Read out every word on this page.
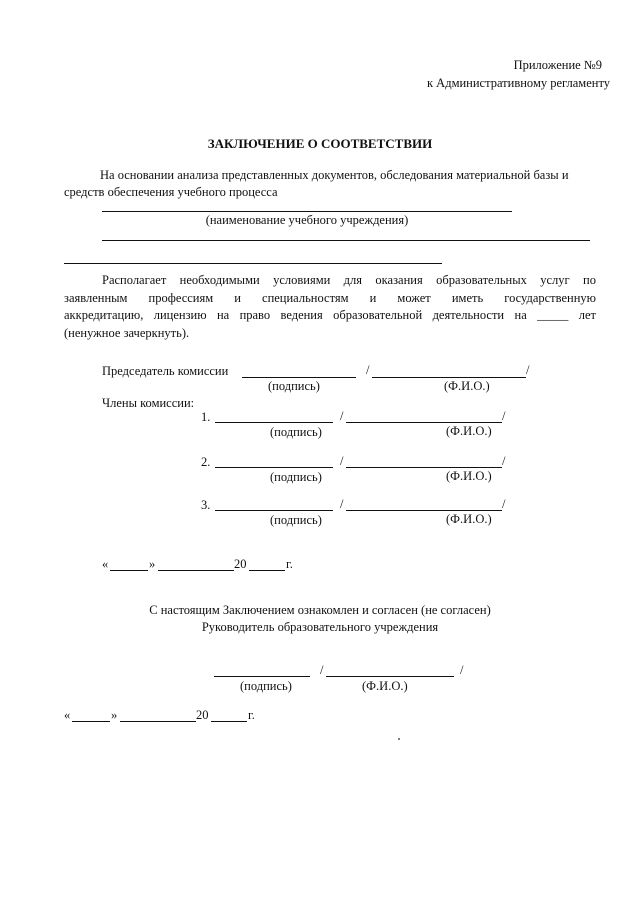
Приложение №9
к Административному регламенту
ЗАКЛЮЧЕНИЕ О СООТВЕТСТВИИ
На основании анализа представленных документов, обследования материальной базы и
средств обеспечения учебного процесса
(наименование учебного учреждения)

Располагает необходимыми условиями для оказания образовательных услуг по

заявленным профессиям и специальностям и может иметь государственную

аккредитацию, лицензию на право ведения образовательной деятельности на _____ лет

(ненужное зачеркнуть).

Председатель комиссии	/	/
(подпись)	(Ф.И.О.)
Члены комиссии:
1.	/	/
(подпись)	(Ф.И.О.)
2.	/	/
(подпись)	(Ф.И.О.)
3.	/	/
(подпись)	(Ф.И.О.)
«	»	20	г.
С настоящим Заключением ознакомлен и согласен (не согласен)
Руководитель образовательного учреждения
/	/
(подпись)	(Ф.И.О.)
«	»	20	г.
